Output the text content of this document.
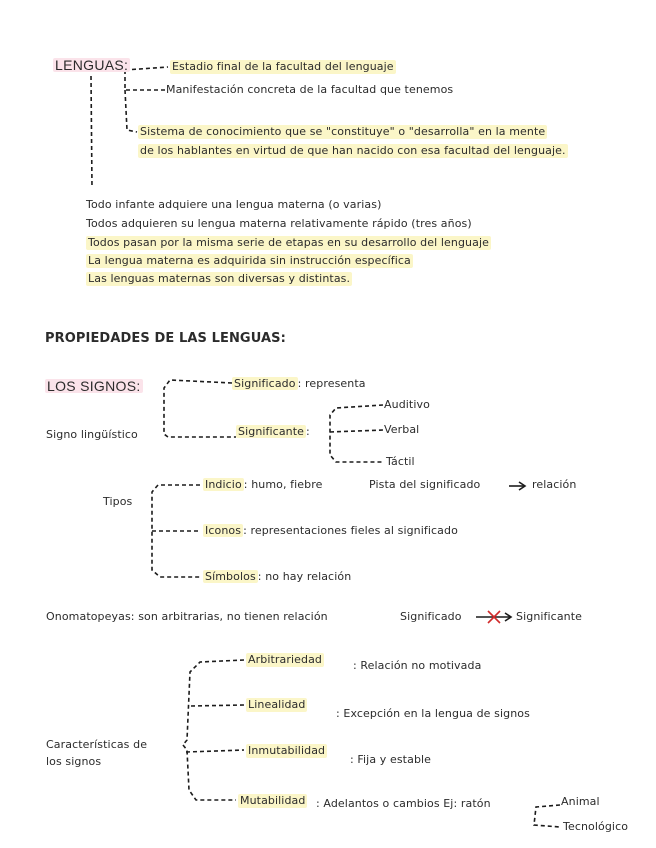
LENGUAS:	Estadio final de la facultad del lenguaje
Manifestación concreta de la facultad que tenemos
Sistema de conocimiento que se "constituye" o "desarrolla" en la mente
de los hablantes en virtud de que han nacido con esa facultad del lenguaje.
Todo infante adquiere una lengua materna (o varias)
Todos adquieren su lengua materna relativamente rápido (tres años)
Todos pasan por la misma serie de etapas en su desarrollo del lenguaje
La lengua materna es adquirida sin instrucción específica
Las lenguas maternas son diversas y distintas.
PROPIEDADES DE LAS LENGUAS:
LOS SIGNOS:
Signo lingüístico
Significado : representa
Significante :
Auditivo
Verbal
Táctil
Tipos
Indicio : humo, fiebre	Pista del significado	relación
Iconos : representaciones fieles al significado
Símbolos : no hay relación
Onomatopeyas: son arbitrarias, no tienen relación	Significado	Significante
Características de
los signos
Arbitrariedad	: Relación no motivada
Linealidad
: Excepción en la lengua de signos
Inmutabilidad
: Fija y estable
Mutabilidad : Adelantos o cambios Ej: ratón	Animal
Tecnológico
